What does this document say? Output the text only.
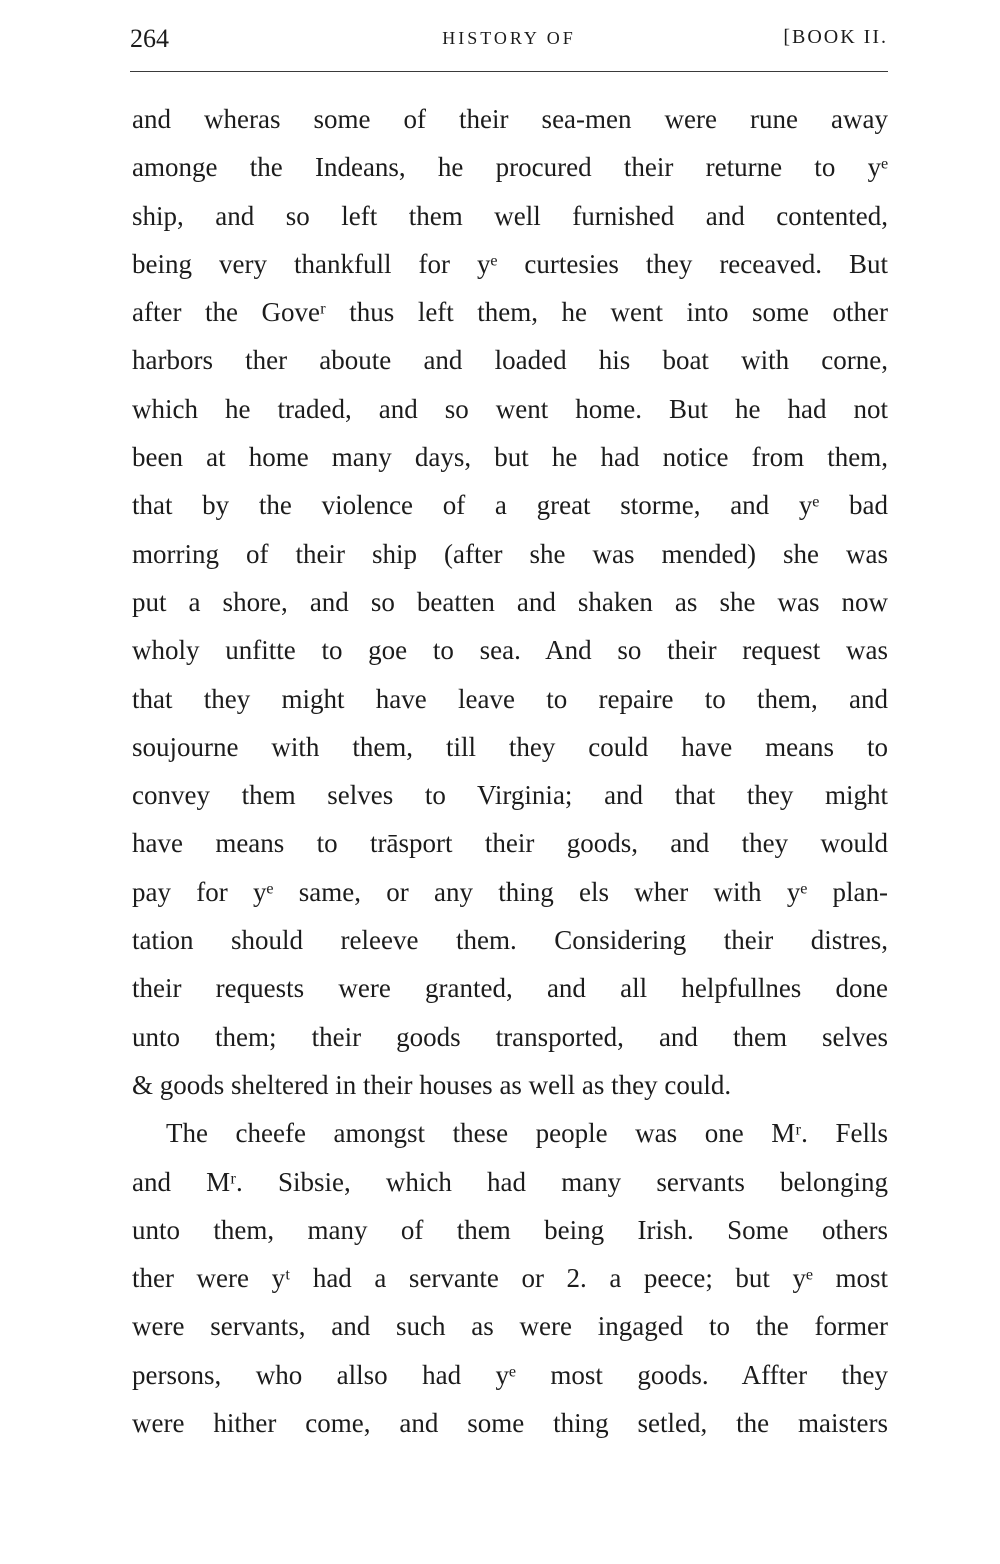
264	HISTORY OF	[BOOK II.
and wheras some of their sea-men were rune away
amonge the Indeans, he procured their returne to yᵉ
ship, and so left them well furnished and contented,
being very thankfull for yᵉ curtesies they receaved. But
after the Goveʳ thus left them, he went into some other
harbors ther aboute and loaded his boat with corne,
which he traded, and so went home. But he had not
been at home many days, but he had notice from them,
that by the violence of a great storme, and yᵉ bad
morring of their ship (after she was mended) she was
put a shore, and so beatten and shaken as she was now
wholy unfitte to goe to sea. And so their request was
that they might have leave to repaire to them, and
soujourne with them, till they could have means to
convey them selves to Virginia; and that they might
have means to trāsport their goods, and they would
pay for yᵉ same, or any thing els wher with yᵉ plan-
tation should releeve them. Considering their distres,
their requests were granted, and all helpfullnes done
unto them; their goods transported, and them selves
& goods sheltered in their houses as well as they could.
The cheefe amongst these people was one Mʳ. Fells
and Mʳ. Sibsie, which had many servants belonging
unto them, many of them being Irish. Some others
ther were yᵗ had a servante or 2. a peece; but yᵉ most
were servants, and such as were ingaged to the former
persons, who allso had yᵉ most goods. Affter they
were hither come, and some thing setled, the maisters
